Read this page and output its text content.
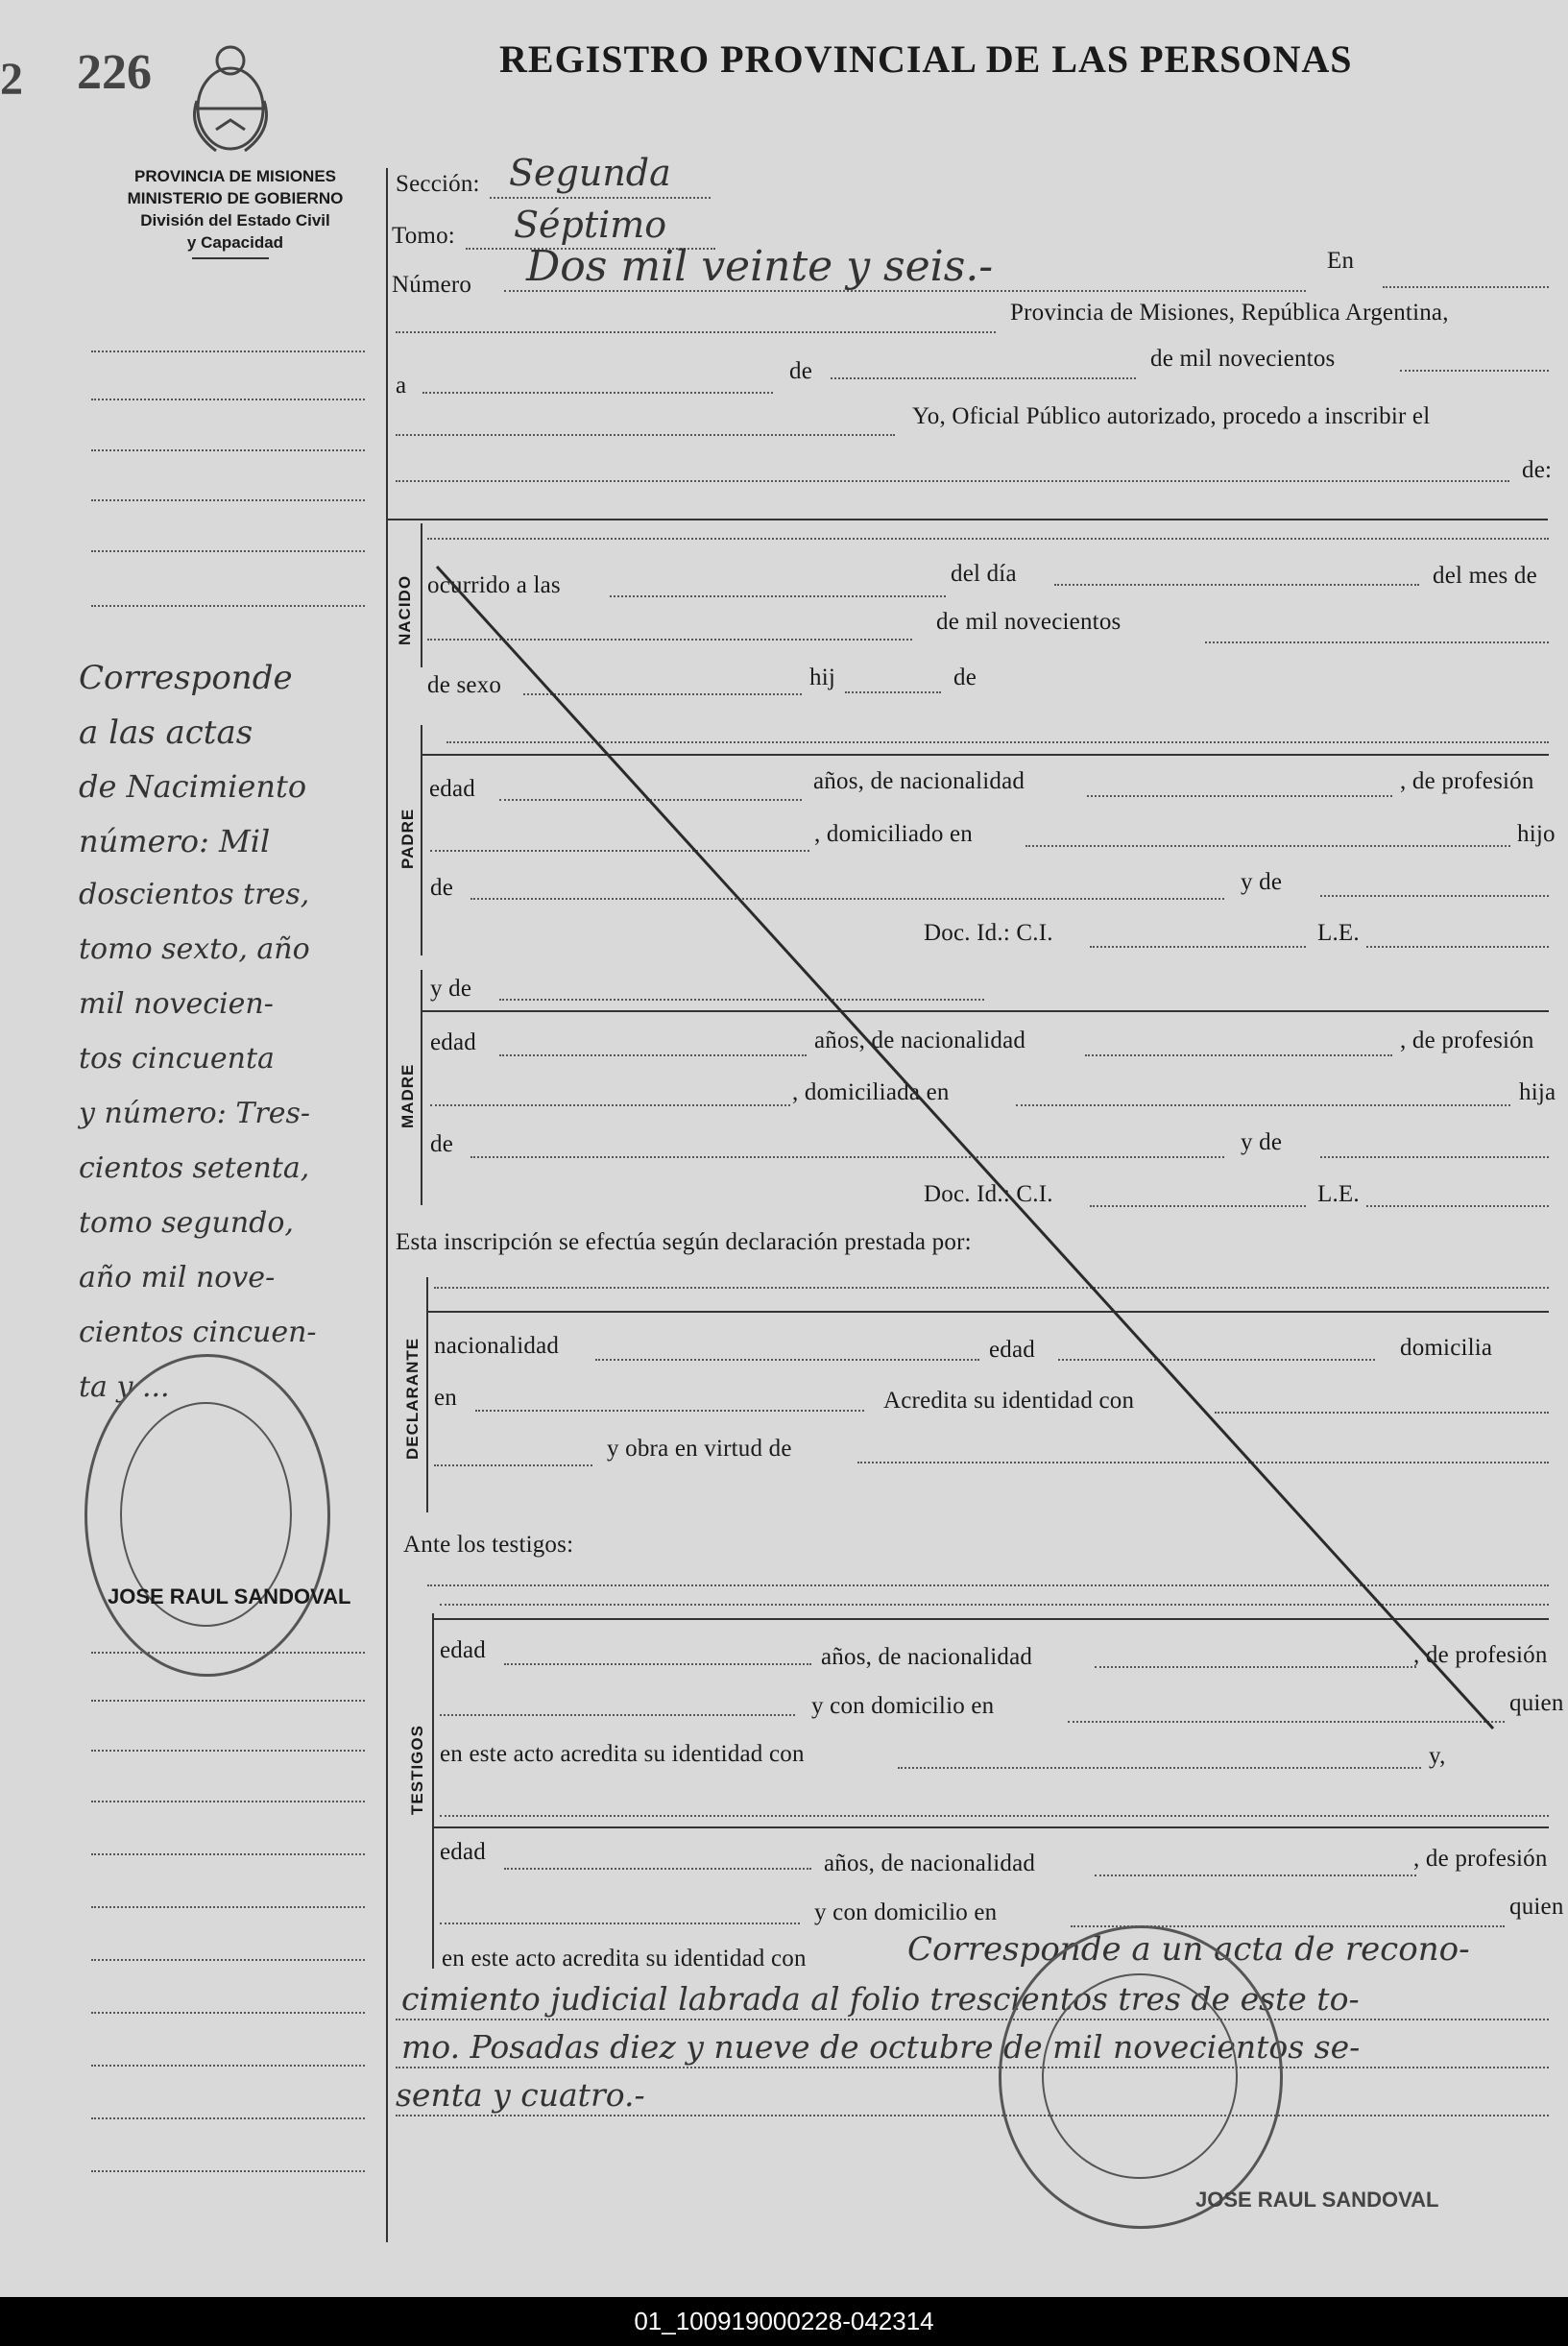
2 226	REGISTRO PROVINCIAL DE LAS PERSONAS
PROVINCIA DE MISIONES
MINISTERIO DE GOBIERNO
División del Estado Civil
y Capacidad
Corresponde
a las actas
de Nacimiento
número: Mil
doscientos tres,
tomo sexto, año
mil novecien-
tos cincuenta
y número: Tres-
cientos setenta,
tomo segundo,
año mil nove-
cientos cincuen-
ta y ...
JOSE RAUL SANDOVAL
Sección: Segunda
Tomo: Séptimo
Número Dos mil veinte y seis.-	En
Provincia de Misiones, República Argentina,
a
de	de mil novecientos
Yo, Oficial Público autorizado, procedo a inscribir el
de:
NACIDO ocurrido a las	del día	del mes de
de mil novecientos
de sexo	hij	de
PADRE
edad	años, de nacionalidad	, de profesión
, domiciliado en	hijo
de	y de
Doc. Id.: C.I.	L.E.
y de
MADRE
edad	años, de nacionalidad	, de profesión
, domiciliada en	hija
de	y de
Doc. Id.: C.I.	L.E.
Esta inscripción se efectúa según declaración prestada por:
DECLARANTE nacionalidad	edad	domicilia
en	Acredita su identidad con
y obra en virtud de
Ante los testigos:
TESTIGOS
edad	años, de nacionalidad	, de profesión
y con domicilio en	quien
en este acto acredita su identidad con	y,
edad	años, de nacionalidad	, de profesión
y con domicilio en	quien
en este acto acredita su identidad con	Corresponde a un acta de recono-
cimiento judicial labrada al folio trescientos tres de este to-
mo. Posadas diez y nueve de octubre de mil novecientos se-
senta y cuatro.-
JOSE RAUL SANDOVAL
01_100919000228-042314
